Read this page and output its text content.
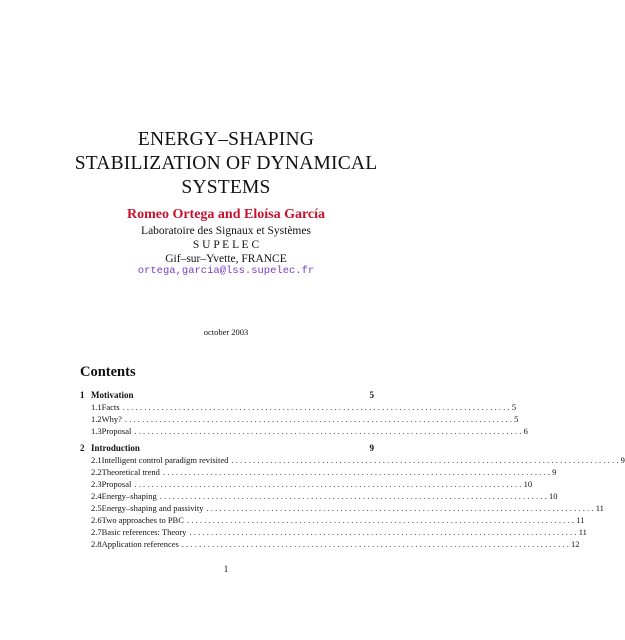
ENERGY–SHAPING
STABILIZATION OF DYNAMICAL
SYSTEMS
Romeo Ortega and Eloísa García
Laboratoire des Signaux et Systèmes
S U P E L E C
Gif–sur–Yvette, FRANCE
ortega,garcia@lss.supelec.fr
october 2003
Contents
1 Motivation	5
1.1 Facts .......................................................................................... 5
1.2 Why? .......................................................................................... 5
1.3 Proposal .......................................................................................... 6
2 Introduction	9
2.1 Intelligent control paradigm revisited .......................................................................................... 9
2.2 Theoretical trend .......................................................................................... 9
2.3 Proposal .......................................................................................... 10
2.4 Energy–shaping .......................................................................................... 10
2.5 Energy–shaping and passivity .......................................................................................... 11
2.6 Two approaches to PBC .......................................................................................... 11
2.7 Basic references: Theory .......................................................................................... 11
2.8 Application references .......................................................................................... 12
1
